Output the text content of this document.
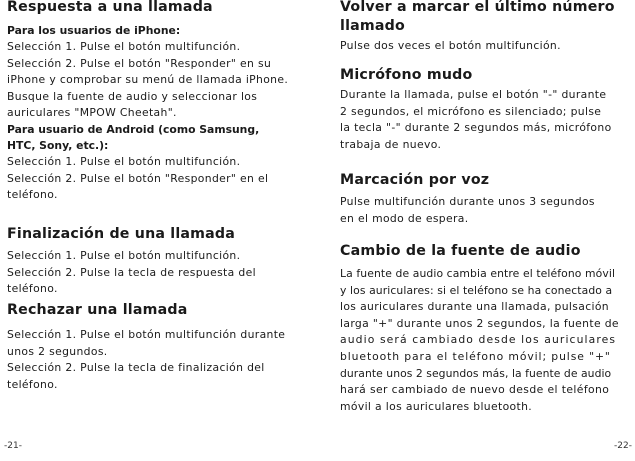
Respuesta a una llamada
Para los usuarios de iPhone:

Selección 1. Pulse el botón multifunción.

Selección 2. Pulse el botón "Responder" en su

iPhone y comprobar su menú de llamada iPhone.

Busque la fuente de audio y seleccionar los

auriculares "MPOW Cheetah".

Para usuario de Android (como Samsung,
HTC, Sony, etc.):

Selección 1. Pulse el botón multifunción.

Selección 2. Pulse el botón "Responder" en el

teléfono.

Finalización de una llamada

Selección 1. Pulse el botón multifunción.

Selección 2. Pulse la tecla de respuesta del

teléfono.

Rechazar una llamada

Selección 1. Pulse el botón multifunción durante

unos 2 segundos.

Selección 2. Pulse la tecla de finalización del

teléfono.

-21-
Volver a marcar el último número
llamado

Pulse dos veces el botón multifunción.

Micrófono mudo

Durante la llamada, pulse el botón "-" durante

2 segundos, el micrófono es silenciado; pulse

la tecla "-" durante 2 segundos más, micrófono

trabaja de nuevo.

Marcación por voz

Pulse multifunción durante unos 3 segundos

en el modo de espera.

Cambio de la fuente de audio

La fuente de audio cambia entre el teléfono móvil

y los auriculares: si el teléfono se ha conectado a

los auriculares durante una llamada, pulsación

larga "+" durante unos 2 segundos, la fuente de

audio será cambiado desde los auriculares

bluetooth para el teléfono móvil; pulse "+"

durante unos 2 segundos más, la fuente de audio

hará ser cambiado de nuevo desde el teléfono

móvil a los auriculares bluetooth.

-22-
